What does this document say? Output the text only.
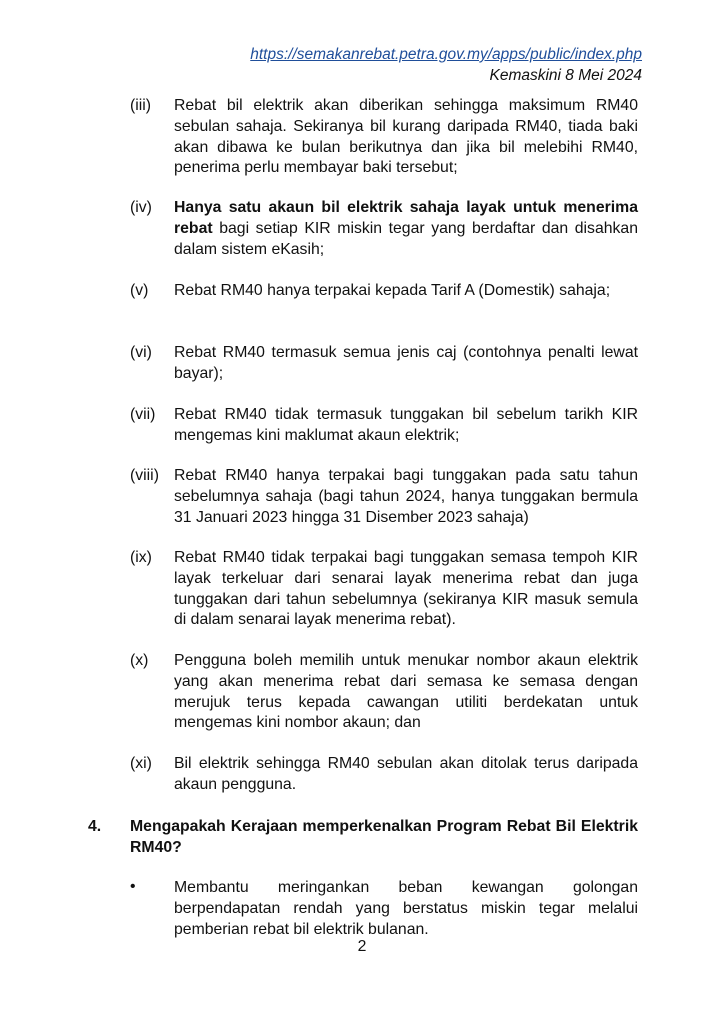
https://semakanrebat.petra.gov.my/apps/public/index.php
Kemaskini 8 Mei 2024
(iii) Rebat bil elektrik akan diberikan sehingga maksimum RM40 sebulan sahaja. Sekiranya bil kurang daripada RM40, tiada baki akan dibawa ke bulan berikutnya dan jika bil melebihi RM40, penerima perlu membayar baki tersebut;
(iv) Hanya satu akaun bil elektrik sahaja layak untuk menerima rebat bagi setiap KIR miskin tegar yang berdaftar dan disahkan dalam sistem eKasih;
(v) Rebat RM40 hanya terpakai kepada Tarif A (Domestik) sahaja;
(vi) Rebat RM40 termasuk semua jenis caj (contohnya penalti lewat bayar);
(vii) Rebat RM40 tidak termasuk tunggakan bil sebelum tarikh KIR mengemas kini maklumat akaun elektrik;
(viii) Rebat RM40 hanya terpakai bagi tunggakan pada satu tahun sebelumnya sahaja (bagi tahun 2024, hanya tunggakan bermula 31 Januari 2023 hingga 31 Disember 2023 sahaja)
(ix) Rebat RM40 tidak terpakai bagi tunggakan semasa tempoh KIR layak terkeluar dari senarai layak menerima rebat dan juga tunggakan dari tahun sebelumnya (sekiranya KIR masuk semula di dalam senarai layak menerima rebat).
(x) Pengguna boleh memilih untuk menukar nombor akaun elektrik yang akan menerima rebat dari semasa ke semasa dengan merujuk terus kepada cawangan utiliti berdekatan untuk mengemas kini nombor akaun; dan
(xi) Bil elektrik sehingga RM40 sebulan akan ditolak terus daripada akaun pengguna.
4. Mengapakah Kerajaan memperkenalkan Program Rebat Bil Elektrik RM40?
• Membantu meringankan beban kewangan golongan berpendapatan rendah yang berstatus miskin tegar melalui pemberian rebat bil elektrik bulanan.
2
